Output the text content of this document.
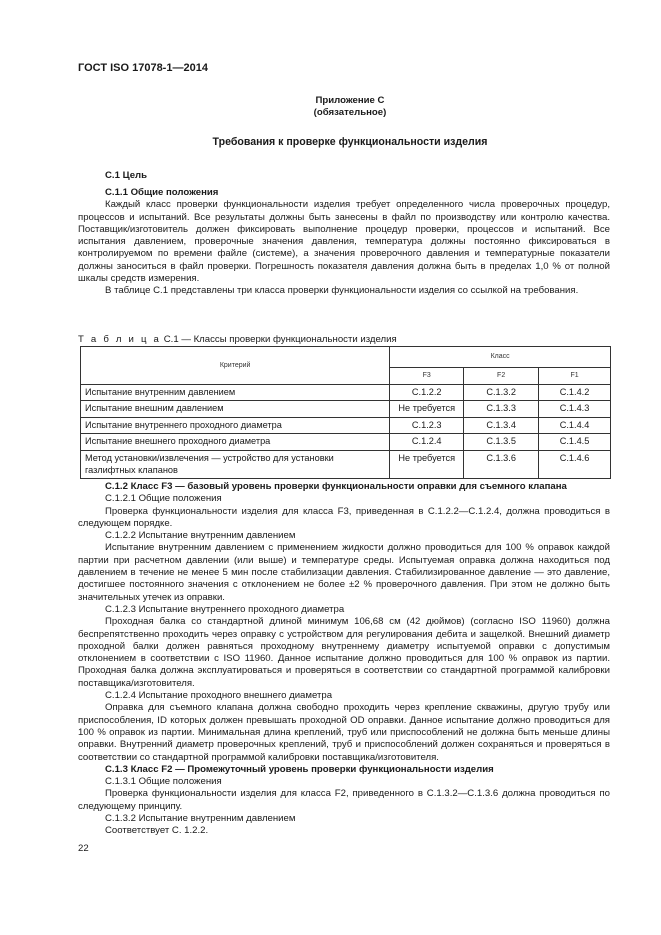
ГОСТ ISO 17078-1—2014
Приложение С
(обязательное)
Требования к проверке функциональности изделия
С.1 Цель
С.1.1 Общие положения

Каждый класс проверки функциональности изделия требует определенного числа проверочных процедур, процессов и испытаний. Все результаты должны быть занесены в файл по производству или контролю качества. Поставщик/изготовитель должен фиксировать выполнение процедур проверки, процессов и испытаний. Все испытания давлением, проверочные значения давления, температура должны постоянно фиксироваться в контролируемом по времени файле (системе), а значения проверочного давления и температурные показатели должны заноситься в файл проверки. Погрешность показателя давления должна быть в пределах 1,0 % от полной шкалы средств измерения.

В таблице С.1 представлены три класса проверки функциональности изделия со ссылкой на требования.

Т а б л и ц а С.1 — Классы проверки функциональности изделия
Критерий	Класс		
	F3	F2	F1
Испытание внутренним давлением	С.1.2.2	С.1.3.2	С.1.4.2
Испытание внешним давлением	Не требуется	С.1.3.3	С.1.4.3
Испытание внутреннего проходного диаметра	С.1.2.3	С.1.3.4	С.1.4.4
Испытание внешнего проходного диаметра	С.1.2.4	С.1.3.5	С.1.4.5
Метод установки/извлечения — устройство для установки газлифтных клапанов	Не требуется	С.1.3.6	С.1.4.6
С.1.2 Класс F3 — базовый уровень проверки функциональности оправки для съемного клапана
С.1.2.1 Общие положения

Проверка функциональности изделия для класса F3, приведенная в С.1.2.2—С.1.2.4, должна проводиться в следующем порядке.

С.1.2.2 Испытание внутренним давлением

Испытание внутренним давлением с применением жидкости должно проводиться для 100 % оправок каждой партии при расчетном давлении (или выше) и температуре среды. Испытуемая оправка должна находиться под давлением в течение не менее 5 мин после стабилизации давления. Стабилизированное давление — это давление, достигшее постоянного значения с отклонением не более ±2 % проверочного давления. При этом не должно быть значительных утечек из оправки.

С.1.2.3 Испытание внутреннего проходного диаметра

Проходная балка со стандартной длиной минимум 106,68 см (42 дюймов) (согласно ISO 11960) должна беспрепятственно проходить через оправку с устройством для регулирования дебита и защелкой. Внешний диаметр проходной балки должен равняться проходному внутреннему диаметру испытуемой оправки с допустимым отклонением в соответствии с ISO 11960. Данное испытание должно проводиться для 100 % оправок из партии. Проходная балка должна эксплуатироваться и проверяться в соответствии со стандартной программой калибровки поставщика/изготовителя.

С.1.2.4 Испытание проходного внешнего диаметра

Оправка для съемного клапана должна свободно проходить через крепление скважины, другую трубу или приспособления, ID которых должен превышать проходной OD оправки. Данное испытание должно проводиться для 100 % оправок из партии. Минимальная длина креплений, труб или приспособлений не должна быть меньше длины оправки. Внутренний диаметр проверочных креплений, труб и приспособлений должен сохраняться и проверяться в соответствии со стандартной программой калибровки поставщика/изготовителя.

С.1.3 Класс F2 — Промежуточный уровень проверки функциональности изделия
С.1.3.1 Общие положения

Проверка функциональности изделия для класса F2, приведенного в С.1.3.2—С.1.3.6 должна проводиться по следующему принципу.

С.1.3.2 Испытание внутренним давлением

Соответствует С. 1.2.2.

22
